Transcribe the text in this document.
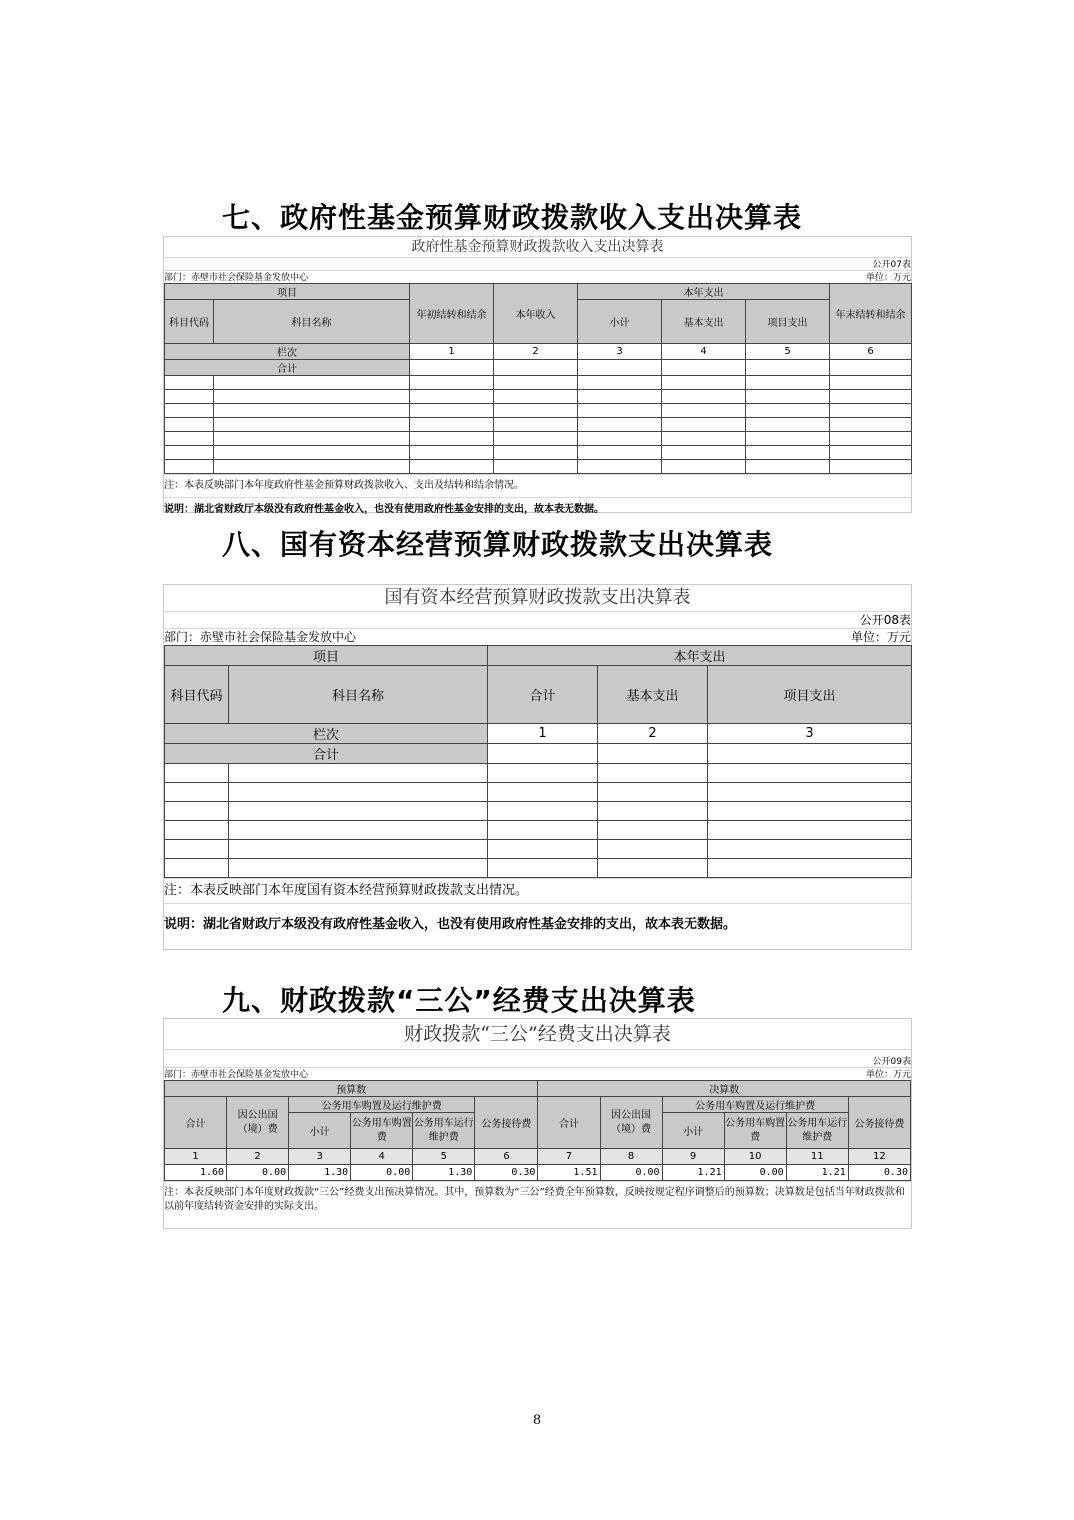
七、政府性基金预算财政拨款收入支出决算表
政府性基金预算财政拨款收入支出决算表
公开07表
部门：赤壁市社会保险基金发放中心	单位：万元
项目		年初结转和结余	本年收入	本年支出			年末结转和结余
科目代码	科目名称			小计	基本支出	项目支出	
栏次		1	2	3	4	5	6
合计							

注：本表反映部门本年度政府性基金预算财政拨款收入、支出及结转和结余情况。
说明：湖北省财政厅本级没有政府性基金收入，也没有使用政府性基金安排的支出，故本表无数据。
八、国有资本经营预算财政拨款支出决算表
国有资本经营预算财政拨款支出决算表
公开08表
部门：赤壁市社会保险基金发放中心	单位：万元
项目		本年支出		
科目代码	科目名称	合计	基本支出	项目支出
栏次		1	2	3
合计				

注：本表反映部门本年度国有资本经营预算财政拨款支出情况。
说明：湖北省财政厅本级没有政府性基金收入，也没有使用政府性基金安排的支出，故本表无数据。
九、财政拨款“三公”经费支出决算表
财政拨款“三公”经费支出决算表
公开09表
部门：赤壁市社会保险基金发放中心	单位：万元
预算数						决算数					
合计	因公出国（境）费	公务用车购置及运行维护费			公务接待费	合计	因公出国（境）费	公务用车购置及运行维护费			公务接待费
		小计	公务用车购置费	公务用车运行维护费				小计	公务用车购置费	公务用车运行维护费	
1	2	3	4	5	6	7	8	9	10	11	12
1.60	0.00	1.30	0.00	1.30	0.30	1.51	0.00	1.21	0.00	1.21	0.30
注：本表反映部门本年度财政拨款“三公”经费支出预决算情况。其中，预算数为“三公”经费全年预算数，反映按规定程序调整后的预算数；决算数是包括当年财政拨款和以前年度结转资金安排的实际支出。
8
